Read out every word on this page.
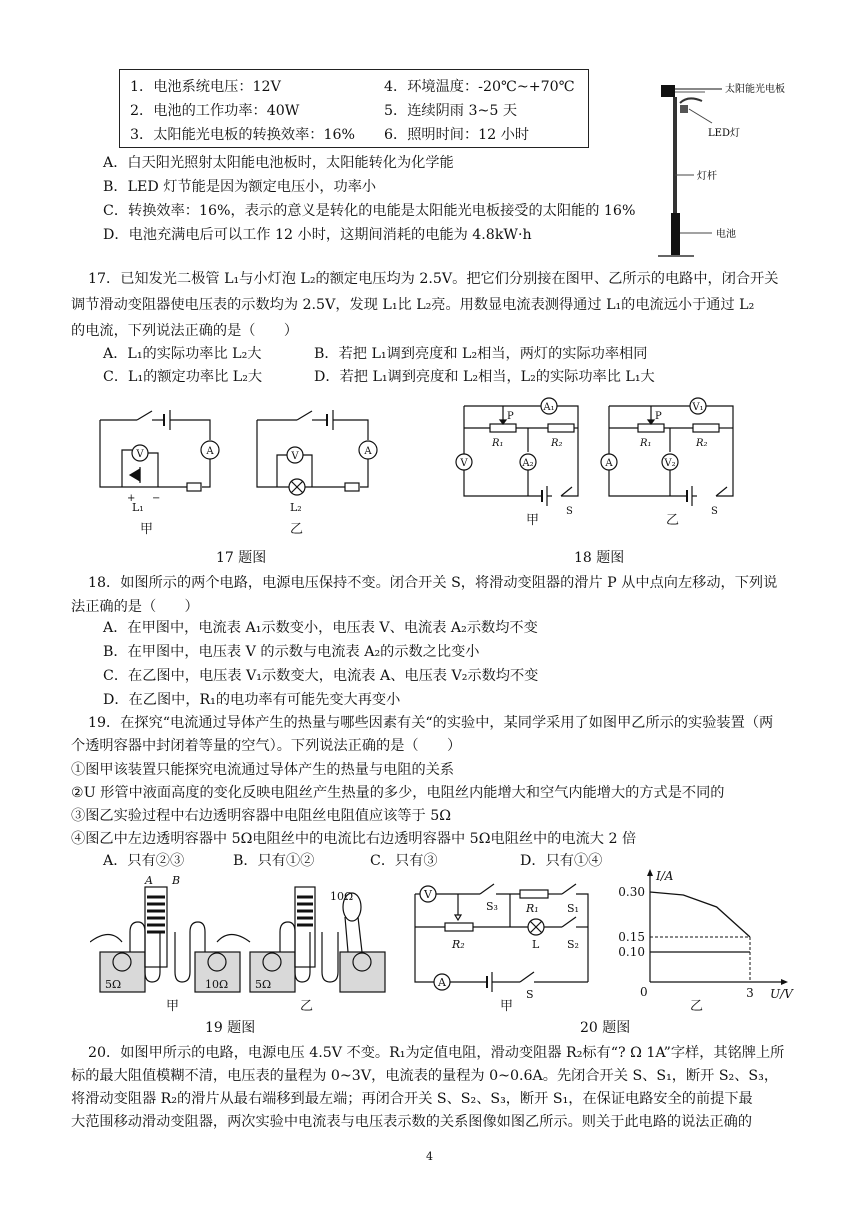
1．电池系统电压：12V
2．电池的工作功率：40W
3．太阳能光电板的转换效率：16%
4．环境温度：-20℃~+70℃
5．连续阴雨 3~5 天
6．照明时间：12 小时
A．白天阳光照射太阳能电池板时，太阳能转化为化学能
B．LED 灯节能是因为额定电压小，功率小
C．转换效率：16%，表示的意义是转化的电能是太阳能光电板接受的太阳能的 16%
D．电池充满电后可以工作 12 小时，这期间消耗的电能为 4.8kW·h
太阳能光电板
LED灯
灯杆
电池
17．已知发光二极管 L₁与小灯泡 L₂的额定电压均为 2.5V。把它们分别接在图甲、乙所示的电路中，闭合开关
调节滑动变阻器使电压表的示数均为 2.5V，发现 L₁比 L₂亮。用数显电流表测得通过 L₁的电流远小于通过 L₂
的电流，下列说法正确的是（　　）
A．L₁的实际功率比 L₂大	B．若把 L₁调到亮度和 L₂相当，两灯的实际功率相同
C．L₁的额定功率比 L₂大	D．若把 L₁调到亮度和 L₂相当，L₂的实际功率比 L₁大
V	A	V	A
+ −
L₁	L₂
甲	乙
17 题图
P
R₁	R₂
A₁
A₂
V
S
P
R₁	R₂
V₁
V₂
A
S
甲	乙
18 题图
18．如图所示的两个电路，电源电压保持不变。闭合开关 S，将滑动变阻器的滑片 P 从中点向左移动，下列说
法正确的是（　　）
A．在甲图中，电流表 A₁示数变小，电压表 V、电流表 A₂示数均不变
B．在甲图中，电压表 V 的示数与电流表 A₂的示数之比变小
C．在乙图中，电压表 V₁示数变大，电流表 A、电压表 V₂示数均不变
D．在乙图中，R₁的电功率有可能先变大再变小
19．在探究“电流通过导体产生的热量与哪些因素有关“的实验中，某同学采用了如图甲乙所示的实验装置（两
个透明容器中封闭着等量的空气）。下列说法正确的是（　　）
①图甲该装置只能探究电流通过导体产生的热量与电阻的关系
②U 形管中液面高度的变化反映电阻丝产生热量的多少，电阻丝内能增大和空气内能增大的方式是不同的
③图乙实验过程中右边透明容器中电阻丝电阻值应该等于 5Ω
④图乙中左边透明容器中 5Ω电阻丝中的电流比右边透明容器中 5Ω电阻丝中的电流大 2 倍
A．只有②③	B．只有①②	C．只有③	D．只有①④
A B
5Ω	10Ω 5Ω
10Ω
甲	乙
19 题图
V
A
S₃	R₁	S₁
R₂	L	S₂
S
甲
20 题图
0.30
0.15
0.10
3
0
I/A
U/V
乙
20．如图甲所示的电路，电源电压 4.5V 不变。R₁为定值电阻，滑动变阻器 R₂标有“? Ω 1A”字样，其铭牌上所
标的最大阻值模糊不清，电压表的量程为 0~3V，电流表的量程为 0~0.6A。先闭合开关 S、S₁，断开 S₂、S₃，
将滑动变阻器 R₂的滑片从最右端移到最左端；再闭合开关 S、S₂、S₃，断开 S₁，在保证电路安全的前提下最
大范围移动滑动变阻器，两次实验中电流表与电压表示数的关系图像如图乙所示。则关于此电路的说法正确的
4
